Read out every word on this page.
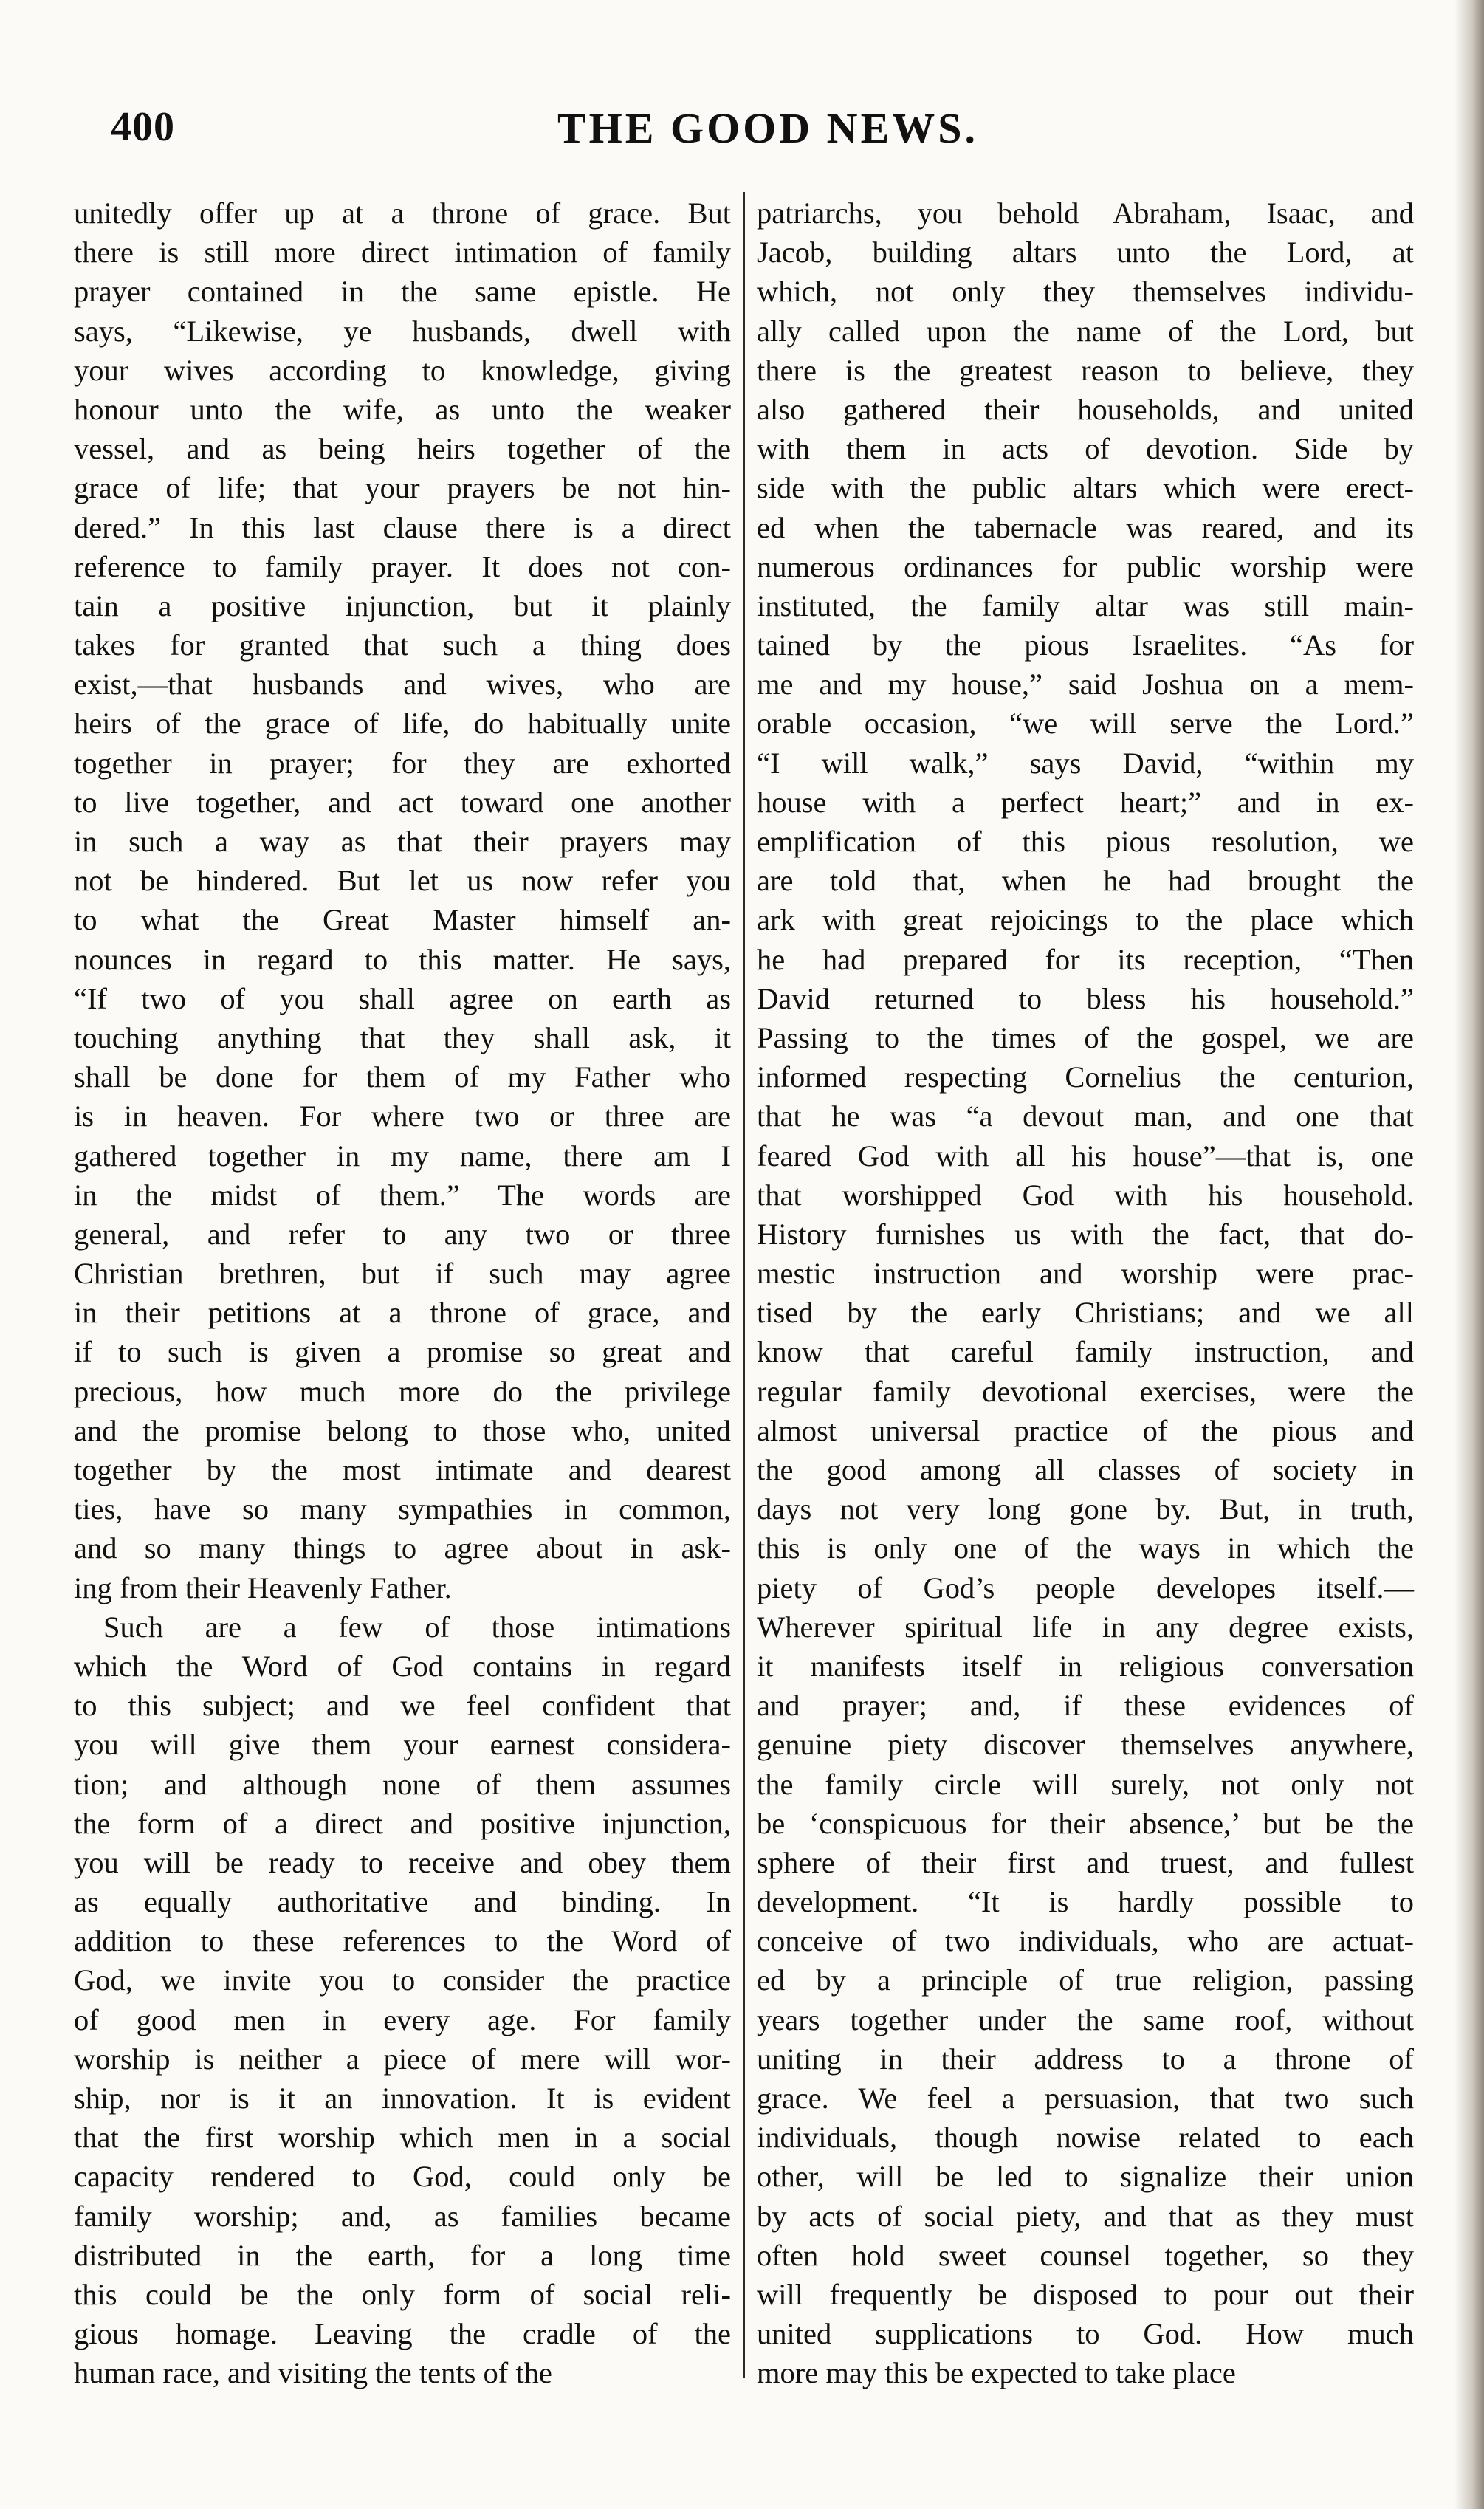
400	THE GOOD NEWS.
unitedly offer up at a throne of grace. But
there is still more direct intimation of family
prayer contained in the same epistle. He
says, “Likewise, ye husbands, dwell with
your wives according to knowledge, giving
honour unto the wife, as unto the weaker
vessel, and as being heirs together of the
grace of life; that your prayers be not hin-
dered.” In this last clause there is a direct
reference to family prayer. It does not con-
tain a positive injunction, but it plainly
takes for granted that such a thing does
exist,—that husbands and wives, who are
heirs of the grace of life, do habitually unite
together in prayer; for they are exhorted
to live together, and act toward one another
in such a way as that their prayers may
not be hindered. But let us now refer you
to what the Great Master himself an-
nounces in regard to this matter. He says,
“If two of you shall agree on earth as
touching anything that they shall ask, it
shall be done for them of my Father who
is in heaven. For where two or three are
gathered together in my name, there am I
in the midst of them.” The words are
general, and refer to any two or three
Christian brethren, but if such may agree
in their petitions at a throne of grace, and
if to such is given a promise so great and
precious, how much more do the privilege
and the promise belong to those who, united
together by the most intimate and dearest
ties, have so many sympathies in common,
and so many things to agree about in ask-
ing from their Heavenly Father.
Such are a few of those intimations
which the Word of God contains in regard
to this subject; and we feel confident that
you will give them your earnest considera-
tion; and although none of them assumes
the form of a direct and positive injunction,
you will be ready to receive and obey them
as equally authoritative and binding. In
addition to these references to the Word of
God, we invite you to consider the practice
of good men in every age. For family
worship is neither a piece of mere will wor-
ship, nor is it an innovation. It is evident
that the first worship which men in a social
capacity rendered to God, could only be
family worship; and, as families became
distributed in the earth, for a long time
this could be the only form of social reli-
gious homage. Leaving the cradle of the
human race, and visiting the tents of the
patriarchs, you behold Abraham, Isaac, and
Jacob, building altars unto the Lord, at
which, not only they themselves individu-
ally called upon the name of the Lord, but
there is the greatest reason to believe, they
also gathered their households, and united
with them in acts of devotion. Side by
side with the public altars which were erect-
ed when the tabernacle was reared, and its
numerous ordinances for public worship were
instituted, the family altar was still main-
tained by the pious Israelites. “As for
me and my house,” said Joshua on a mem-
orable occasion, “we will serve the Lord.”
“I will walk,” says David, “within my
house with a perfect heart;” and in ex-
emplification of this pious resolution, we
are told that, when he had brought the
ark with great rejoicings to the place which
he had prepared for its reception, “Then
David returned to bless his household.”
Passing to the times of the gospel, we are
informed respecting Cornelius the centurion,
that he was “a devout man, and one that
feared God with all his house”—that is, one
that worshipped God with his household.
History furnishes us with the fact, that do-
mestic instruction and worship were prac-
tised by the early Christians; and we all
know that careful family instruction, and
regular family devotional exercises, were the
almost universal practice of the pious and
the good among all classes of society in
days not very long gone by. But, in truth,
this is only one of the ways in which the
piety of God’s people developes itself.—
Wherever spiritual life in any degree exists,
it manifests itself in religious conversation
and prayer; and, if these evidences of
genuine piety discover themselves anywhere,
the family circle will surely, not only not
be ‘conspicuous for their absence,’ but be the
sphere of their first and truest, and fullest
development. “It is hardly possible to
conceive of two individuals, who are actuat-
ed by a principle of true religion, passing
years together under the same roof, without
uniting in their address to a throne of
grace. We feel a persuasion, that two such
individuals, though nowise related to each
other, will be led to signalize their union
by acts of social piety, and that as they must
often hold sweet counsel together, so they
will frequently be disposed to pour out their
united supplications to God. How much
more may this be expected to take place
